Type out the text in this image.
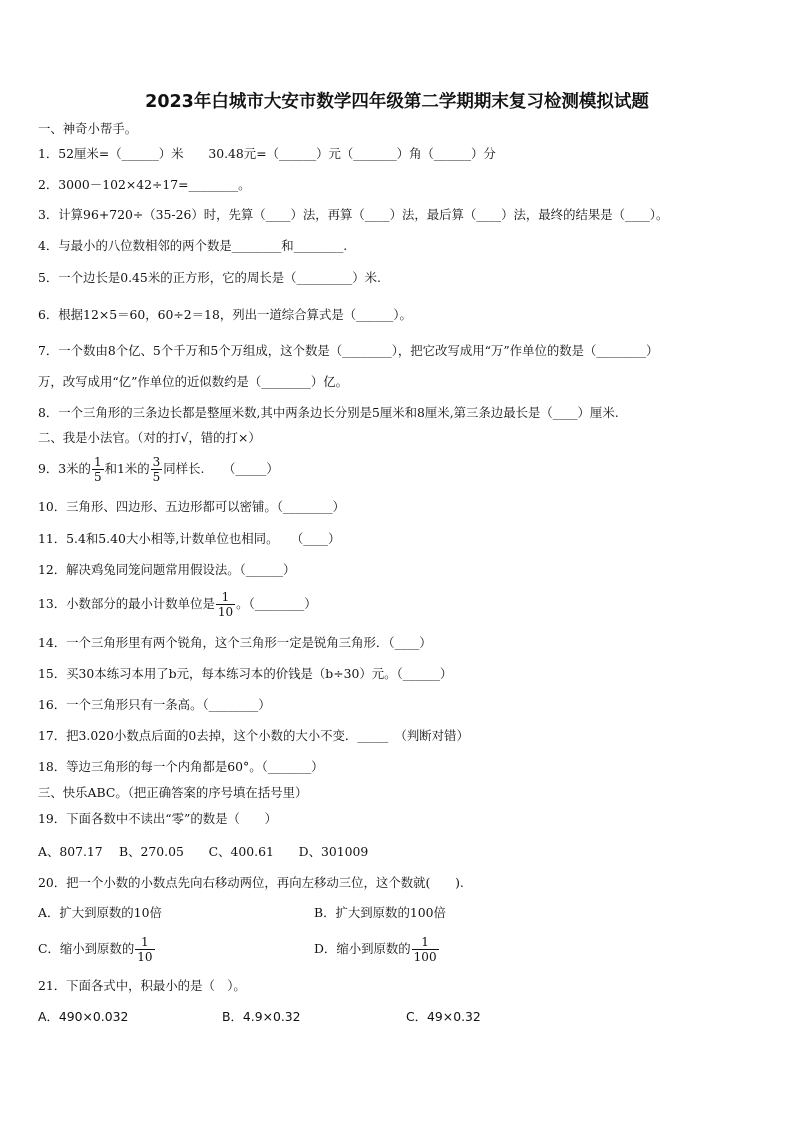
2023年白城市大安市数学四年级第二学期期末复习检测模拟试题
一、神奇小帮手。
1．52厘米=（______）米　　30.48元=（______）元（_______）角（______）分
2．3000－102×42÷17=________。
3．计算96+720÷（35-26）时，先算（____）法，再算（____）法，最后算（____）法，最终的结果是（____）。
4．与最小的八位数相邻的两个数是________和________.
5．一个边长是0.45米的正方形，它的周长是（_________）米.
6．根据12×5＝60，60÷2＝18，列出一道综合算式是（______）。
7．一个数由8个亿、5个千万和5个万组成，这个数是（________），把它改写成用“万”作单位的数是（________）
万，改写成用“亿”作单位的近似数约是（________）亿。
8．一个三角形的三条边长都是整厘米数,其中两条边长分别是5厘米和8厘米,第三条边最长是（____）厘米.
二、我是小法官。（对的打√，错的打×）
9．3米的 $\frac{1}{5}$ 和1米的 $\frac{3}{5}$ 同样长.　　（_____）
10．三角形、四边形、五边形都可以密铺。（________）
11．5.4和5.40大小相等,计数单位也相同。　　（____）
12．解决鸡兔同笼问题常用假设法。（______）
13．小数部分的最小计数单位是 $\frac{1}{10}$ 。（________）
14．一个三角形里有两个锐角，这个三角形一定是锐角三角形．（____）
15．买30本练习本用了b元，每本练习本的价钱是（b÷30）元。（______）
16．一个三角形只有一条高。（________）
17．把3.020小数点后面的0去掉，这个小数的大小不变．_____　（判断对错）
18．等边三角形的每一个内角都是60°。（_______）
三、快乐ABC。（把正确答案的序号填在括号里）
19．下面各数中不读出“零”的数是（　　）
A、807.17　 B、270.05　　C、400.61　　D、301009
20．把一个小数的小数点先向右移动两位，再向左移动三位，这个数就(　　).
A．扩大到原数的10倍	B．扩大到原数的100倍
C．缩小到原数的 $\frac{1}{10}$	D．缩小到原数的 $\frac{1}{100}$
21．下面各式中，积最小的是（　）。
A．490×0.032	B．4.9×0.32	C．49×0.32
